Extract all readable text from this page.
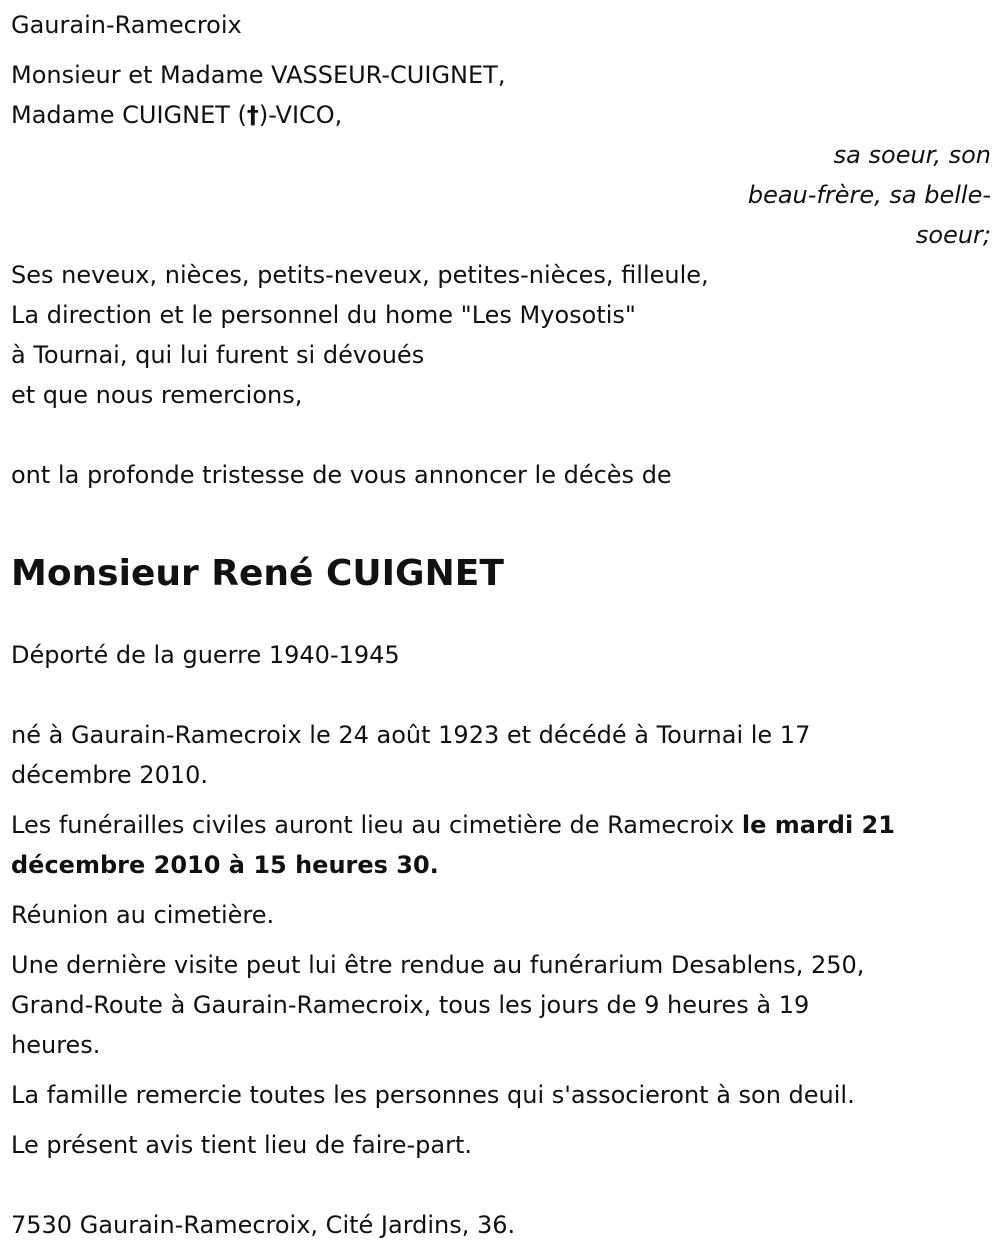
Gaurain-Ramecroix

Monsieur et Madame VASSEUR-CUIGNET,
Madame CUIGNET (†)-VICO,

sa soeur, son
beau-frère, sa belle-
soeur;

Ses neveux, nièces, petits-neveux, petites-nièces, filleule,
La direction et le personnel du home "Les Myosotis"
à Tournai, qui lui furent si dévoués
et que nous remercions,

ont la profonde tristesse de vous annoncer le décès de

Monsieur René CUIGNET

Déporté de la guerre 1940-1945

né à Gaurain-Ramecroix le 24 août 1923 et décédé à Tournai le 17
décembre 2010.

Les funérailles civiles auront lieu au cimetière de Ramecroix le mardi 21
décembre 2010 à 15 heures 30.

Réunion au cimetière.

Une dernière visite peut lui être rendue au funérarium Desablens, 250,
Grand-Route à Gaurain-Ramecroix, tous les jours de 9 heures à 19
heures.

La famille remercie toutes les personnes qui s'associeront à son deuil.

Le présent avis tient lieu de faire-part.

7530 Gaurain-Ramecroix, Cité Jardins, 36.
